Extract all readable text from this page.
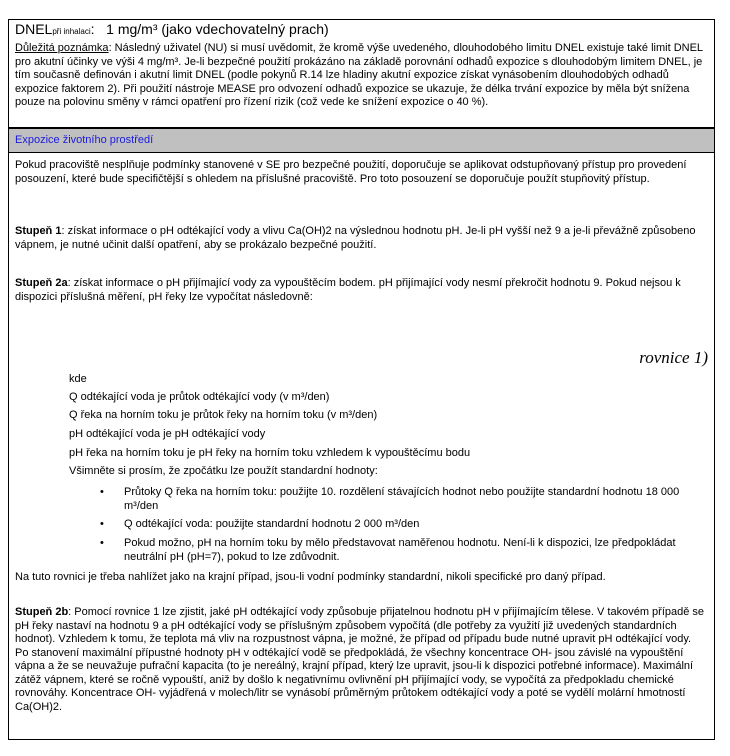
DNELpři inhalaci: 1 mg/m³ (jako vdechovatelný prach)

Důležitá poznámka: Následný uživatel (NU) si musí uvědomit, že kromě výše uvedeného, dlouhodobého limitu DNEL existuje také limit DNEL pro akutní účinky ve výši 4 mg/m³. Je-li bezpečné použití prokázáno na základě porovnání odhadů expozice s dlouhodobým limitem DNEL, je tím současně definován i akutní limit DNEL (podle pokynů R.14 lze hladiny akutní expozice získat vynásobením dlouhodobých odhadů expozice faktorem 2). Při použití nástroje MEASE pro odvození odhadů expozice se ukazuje, že délka trvání expozice by měla být snížena pouze na polovinu směny v rámci opatření pro řízení rizik (což vede ke snížení expozice o 40 %).

Expozice životního prostředí

Pokud pracoviště nesplňuje podmínky stanovené v SE pro bezpečné použití, doporučuje se aplikovat odstupňovaný přístup pro provedení posouzení, které bude specifičtější s ohledem na příslušné pracoviště. Pro toto posouzení se doporučuje použít stupňovitý přístup.

Stupeň 1: získat informace o pH odtékající vody a vlivu Ca(OH)2 na výslednou hodnotu pH. Je-li pH vyšší než 9 a je-li převážně způsobeno vápnem, je nutné učinit další opatření, aby se prokázalo bezpečné použití.

Stupeň 2a: získat informace o pH přijímající vody za vypouštěcím bodem. pH přijímající vody nesmí překročit hodnotu 9. Pokud nejsou k dispozici příslušná měření, pH řeky lze vypočítat následovně:

rovnice 1)

kde

Q odtékající voda je průtok odtékající vody (v m³/den)

Q řeka na horním toku je průtok řeky na horním toku (v m³/den)

pH odtékající voda je pH odtékající vody

pH řeka na horním toku je pH řeky na horním toku vzhledem k vypouštěcímu bodu

Všimněte si prosím, že zpočátku lze použít standardní hodnoty:

•	Průtoky Q řeka na horním toku: použijte 10. rozdělení stávajících hodnot nebo použijte standardní hodnotu 18 000 m³/den

•	Q odtékající voda: použijte standardní hodnotu 2 000 m³/den

•	Pokud možno, pH na horním toku by mělo představovat naměřenou hodnotu. Není-li k dispozici, lze předpokládat neutrální pH (pH=7), pokud to lze zdůvodnit.

Na tuto rovnici je třeba nahlížet jako na krajní případ, jsou-li vodní podmínky standardní, nikoli specifické pro daný případ.

Stupeň 2b: Pomocí rovnice 1 lze zjistit, jaké pH odtékající vody způsobuje přijatelnou hodnotu pH v přijímajícím tělese. V takovém případě se pH řeky nastaví na hodnotu 9 a pH odtékající vody se příslušným způsobem vypočítá (dle potřeby za využití již uvedených standardních hodnot). Vzhledem k tomu, že teplota má vliv na rozpustnost vápna, je možné, že případ od případu bude nutné upravit pH odtékající vody. Po stanovení maximální přípustné hodnoty pH v odtékající vodě se předpokládá, že všechny koncentrace OH- jsou závislé na vypouštění vápna a že se neuvažuje pufrační kapacita (to je nereálný, krajní případ, který lze upravit, jsou-li k dispozici potřebné informace). Maximální zátěž vápnem, které se ročně vypouští, aniž by došlo k negativnímu ovlivnění pH přijímající vody, se vypočítá za předpokladu chemické rovnováhy. Koncentrace OH- vyjádřená v molech/litr se vynásobí průměrným průtokem odtékající vody a poté se vydělí molární hmotností Ca(OH)2.
